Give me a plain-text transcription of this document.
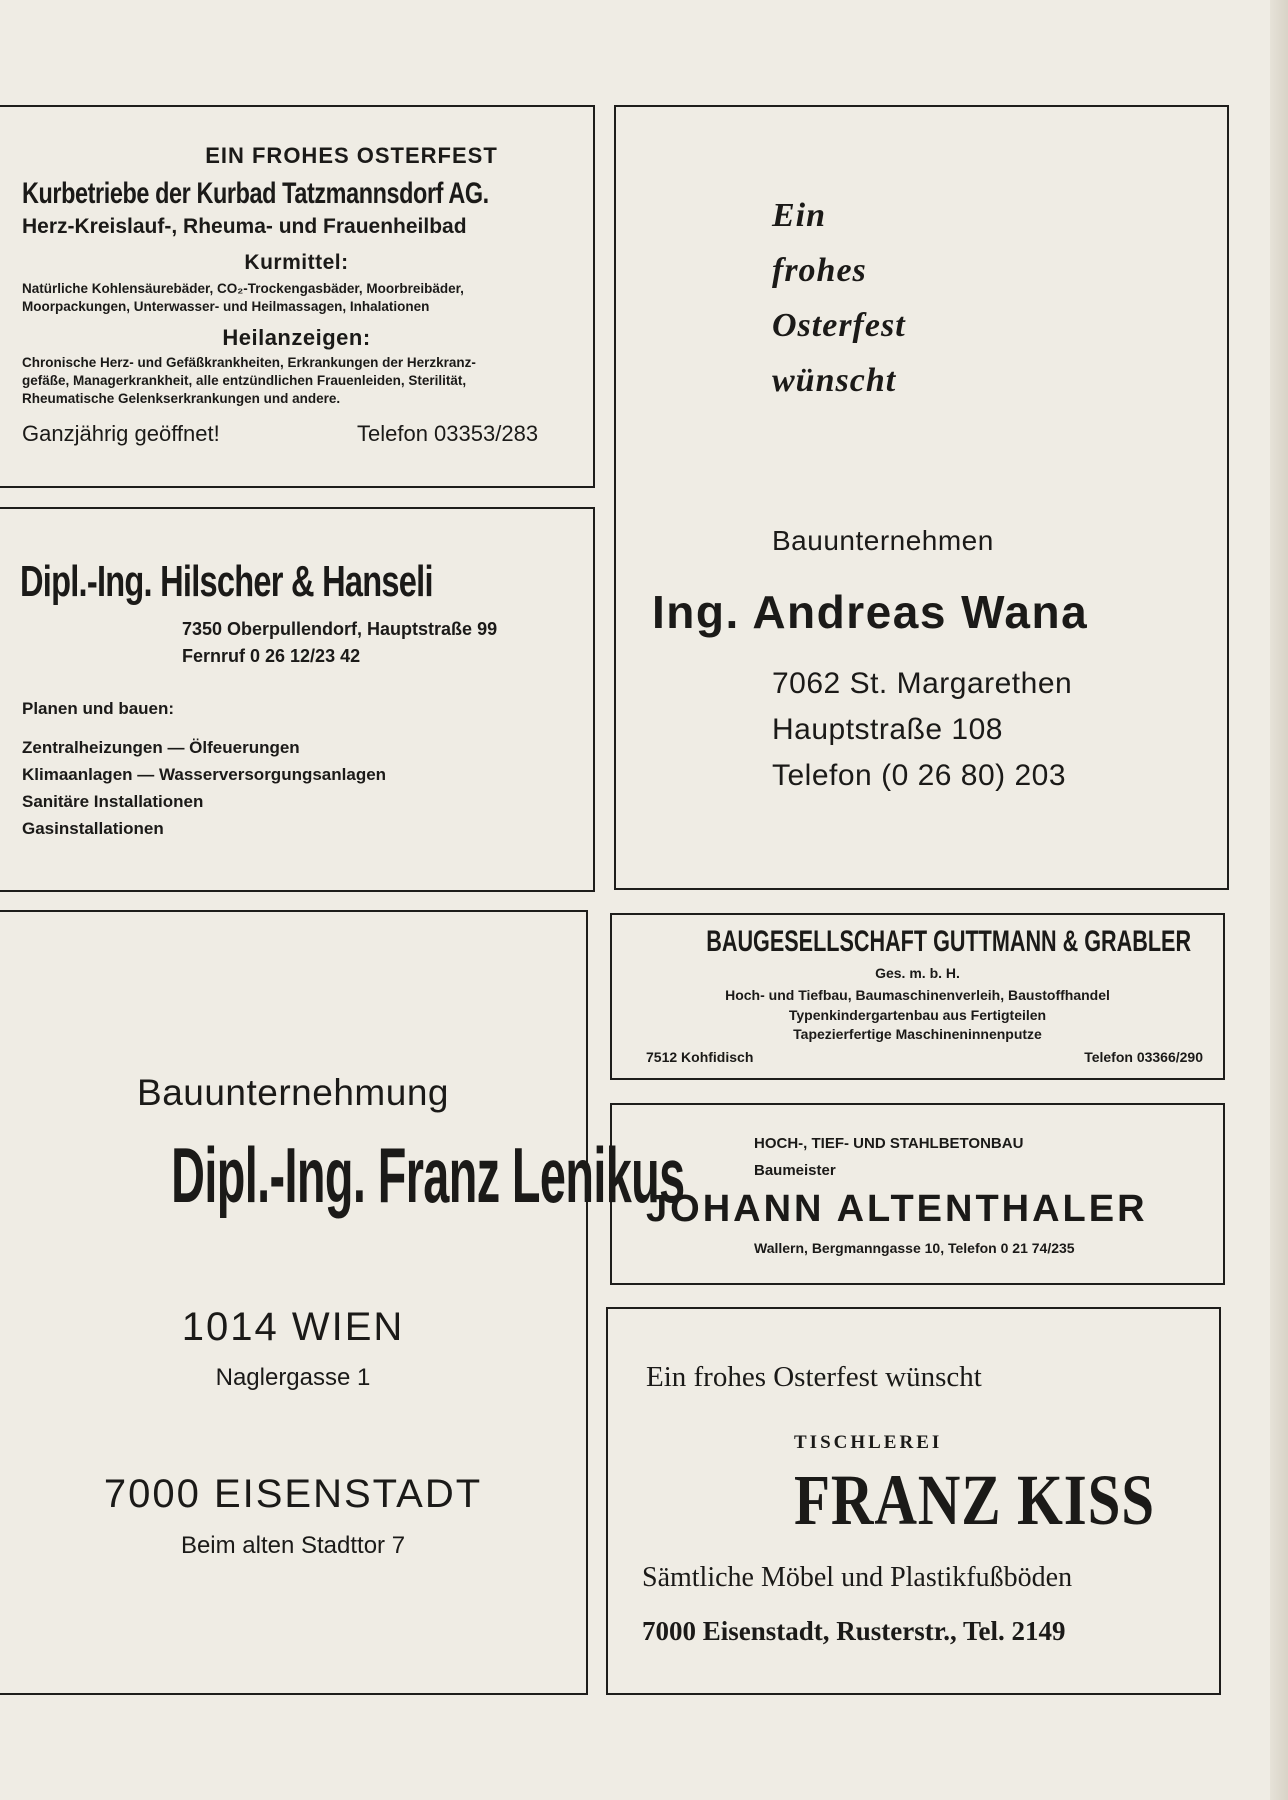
EIN FROHES OSTERFEST
Kurbetriebe der Kurbad Tatzmannsdorf AG.
Herz-Kreislauf-, Rheuma- und Frauenheilbad
Kurmittel:
Natürliche Kohlensäurebäder, CO₂-Trockengasbäder, Moorbreibäder,
Moorpackungen, Unterwasser- und Heilmassagen, Inhalationen
Heilanzeigen:
Chronische Herz- und Gefäßkrankheiten, Erkrankungen der Herzkranz-
gefäße, Managerkrankheit, alle entzündlichen Frauenleiden, Sterilität,
Rheumatische Gelenkserkrankungen und andere.
Ganzjährig geöffnet!	Telefon 03353/283
Ein
frohes
Osterfest
wünscht
Bauunternehmen
Ing. Andreas Wana
7062 St. Margarethen
Hauptstraße 108
Telefon (0 26 80) 203
Dipl.-Ing. Hilscher & Hanseli
7350 Oberpullendorf, Hauptstraße 99
Fernruf 0 26 12/23 42
Planen und bauen:
Zentralheizungen — Ölfeuerungen
Klimaanlagen — Wasserversorgungsanlagen
Sanitäre Installationen
Gasinstallationen
BAUGESELLSCHAFT GUTTMANN & GRABLER
Ges. m. b. H.
Hoch- und Tiefbau, Baumaschinenverleih, Baustoffhandel
Typenkindergartenbau aus Fertigteilen
Tapezierfertige Maschineninnenputze
7512 Kohfidisch	Telefon 03366/290
HOCH-, TIEF- UND STAHLBETONBAU
Baumeister
JOHANN ALTENTHALER
Wallern, Bergmanngasse 10, Telefon 0 21 74/235
Bauunternehmung
Dipl.-Ing. Franz Lenikus
1014 WIEN
Naglergasse 1
7000 EISENSTADT
Beim alten Stadttor 7
Ein frohes Osterfest wünscht
TISCHLEREI
FRANZ KISS
Sämtliche Möbel und Plastikfußböden
7000 Eisenstadt, Rusterstr., Tel. 2149
